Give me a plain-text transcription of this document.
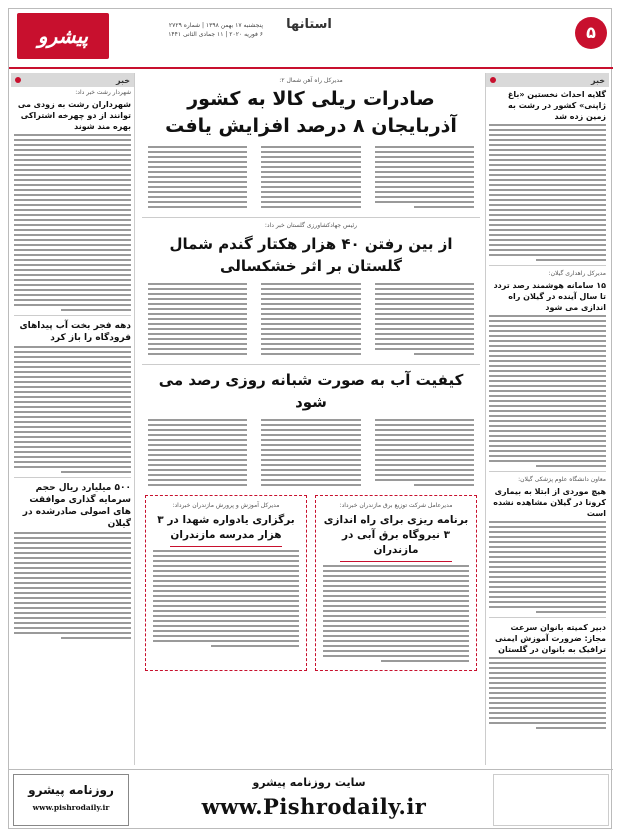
۵
استانها
پنجشنبه ۱۷ بهمن ۱۳۹۸ | شماره ۲۷۲۹
۶ فوریه ۲۰۲۰ | ۱۱ جمادی الثانی ۱۴۴۱
پیشرو
خبر
گلایه احداث نخستین «باغ ژاپنی» کشور در رشت به زمین زده شد
مدیرکل راهداری گیلان:
۱۵ سامانه هوشمند رصد تردد تا سال آینده در گیلان راه اندازی می شود
معاون دانشگاه علوم پزشکی گیلان:
هیچ موردی از ابتلا به بیماری کرونا در گیلان مشاهده نشده است
دبیر کمیته بانوان سرعت مجاز: ضرورت آموزش ایمنی ترافیک به بانوان در گلستان
مدیرکل راه آهن شمال ۲:
صادرات ریلی کالا به کشور آذربایجان ۸ درصد افزایش یافت
رئیس جهادکشاورزی گلستان خبر داد:
از بین رفتن ۴۰ هزار هکتار گندم شمال گلستان بر اثر خشکسالی
کیفیت آب به صورت شبانه روزی رصد می شود
مدیرعامل شرکت توزیع برق مازندران خبرداد:
برنامه ریزی برای راه اندازی ۳ نیروگاه برق آبی در مازندران
مدیرکل آموزش و پرورش مازندران خبرداد:
برگزاری یادواره شهدا در ۳ هزار مدرسه مازندران
خبر
شهردار رشت خبر داد:
شهرداران رشت به زودی می توانند از دو چهرخه اشتراکی بهره مند شوند
دهه فجر بخت آب پیداهای فرودگاه را باز کرد
۵۰۰ میلیارد ریال حجم سرمایه گذاری موافقت های اصولی صادرشده در گیلان
سایت روزنامه پیشرو
www.Pishrodaily.ir
روزنامه پیشرو
www.pishrodaily.ir
